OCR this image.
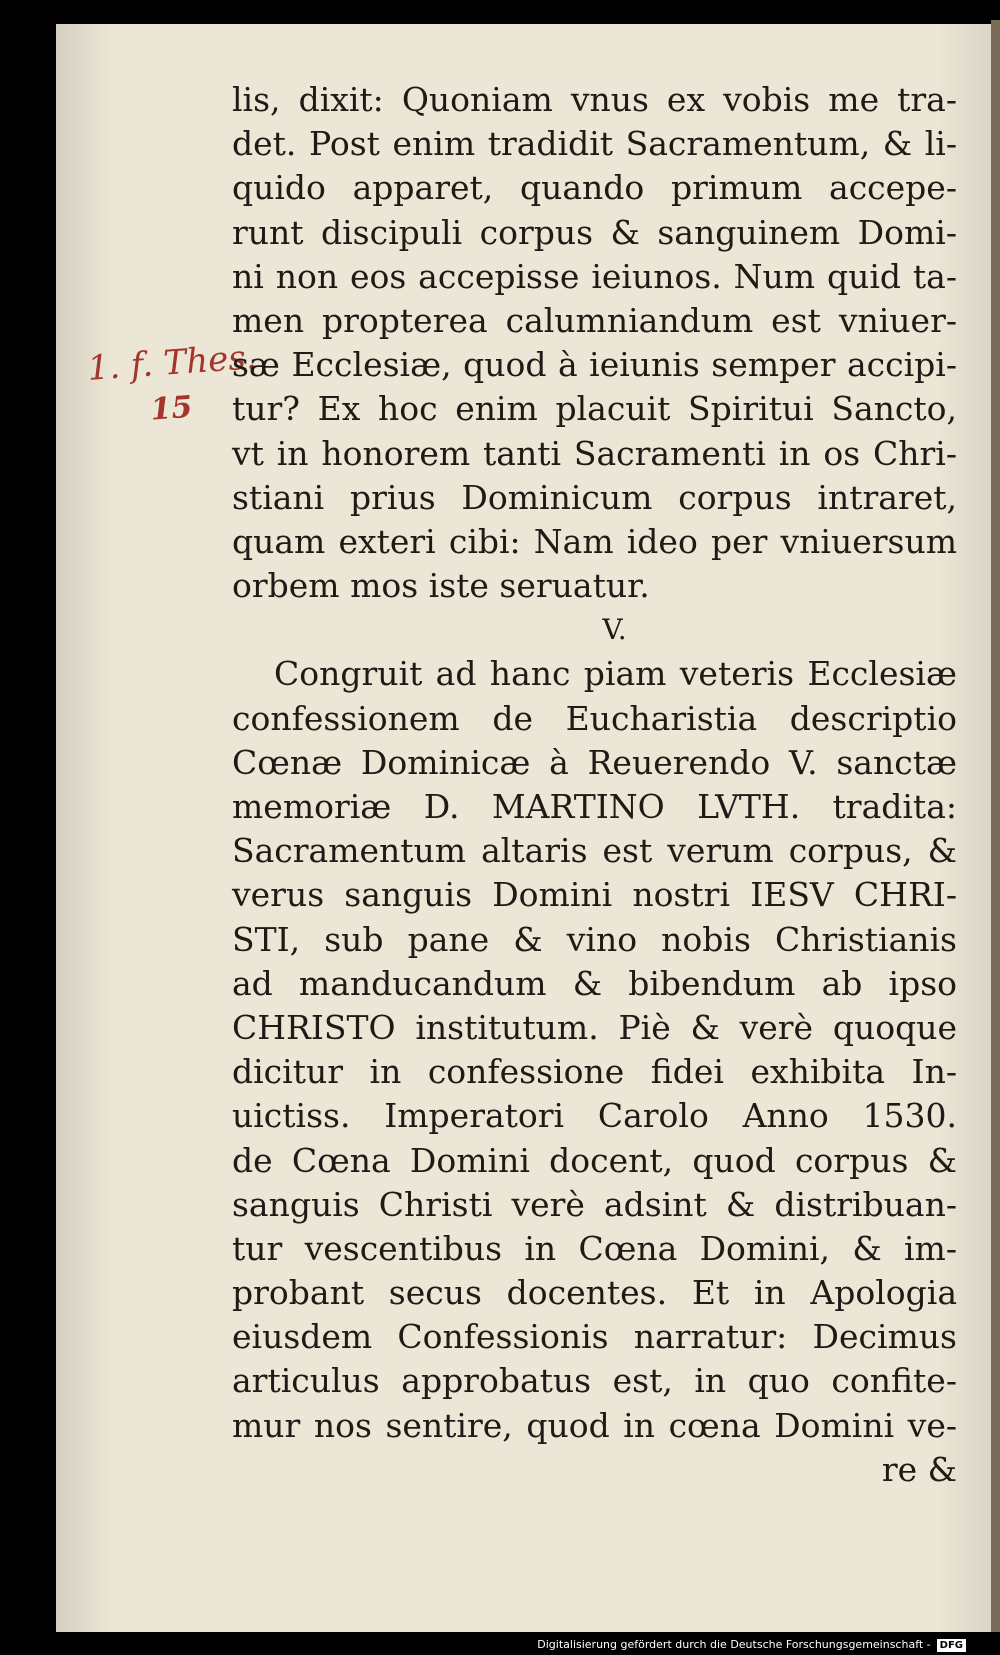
1. f. Thes.
15
lis, dixit: Quoniam vnus ex vobis me tra-
det. Post enim tradidit Sacramentum, & li-
quido apparet, quando primum accepe-
runt discipuli corpus & sanguinem Domi-
ni non eos accepisse ieiunos. Num quid ta-
men propterea calumniandum est vniuer-
sæ Ecclesiæ, quod à ieiunis semper accipi-
tur? Ex hoc enim placuit Spiritui Sancto,
vt in honorem tanti Sacramenti in os Chri-
stiani prius Dominicum corpus intraret,
quam exteri cibi: Nam ideo per vniuersum
orbem mos iste seruatur.
V.
Congruit ad hanc piam veteris Ecclesiæ
confessionem de Eucharistia descriptio
Cœnæ Dominicæ à Reuerendo V. sanctæ
memoriæ D. MARTINO LVTH. tradita:
Sacramentum altaris est verum corpus, &
verus sanguis Domini nostri IESV CHRI-
STI, sub pane & vino nobis Christianis
ad manducandum & bibendum ab ipso
CHRISTO institutum. Piè & verè quoque
dicitur in confessione fidei exhibita In-
uictiss. Imperatori Carolo Anno 1530.
de Cœna Domini docent, quod corpus &
sanguis Christi verè adsint & distribuan-
tur vescentibus in Cœna Domini, & im-
probant secus docentes. Et in Apologia
eiusdem Confessionis narratur: Decimus
articulus approbatus est, in quo confite-
mur nos sentire, quod in cœna Domini ve-
re &
Digitalisierung gefördert durch die Deutsche Forschungsgemeinschaft - DFG
